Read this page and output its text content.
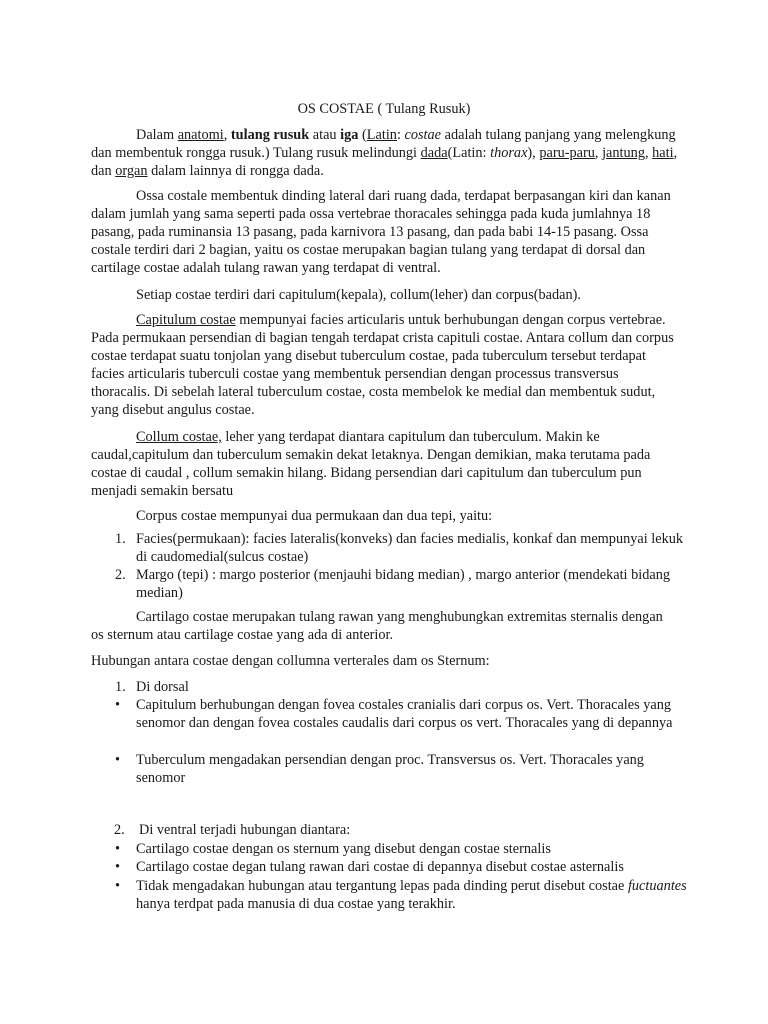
OS COSTAE ( Tulang Rusuk)
Dalam anatomi, tulang rusuk atau iga (Latin: costae adalah tulang panjang yang melengkung dan membentuk rongga rusuk.) Tulang rusuk melindungi dada(Latin: thorax), paru-paru, jantung, hati, dan organ dalam lainnya di rongga dada.
Ossa costale membentuk dinding lateral dari ruang dada, terdapat berpasangan kiri dan kanan dalam jumlah yang sama seperti pada ossa vertebrae thoracales sehingga pada kuda jumlahnya 18 pasang, pada ruminansia 13 pasang, pada karnivora 13 pasang, dan pada babi 14-15 pasang. Ossa costale terdiri dari 2 bagian, yaitu os costae merupakan bagian tulang yang terdapat di dorsal dan cartilage costae adalah tulang rawan yang terdapat di ventral.
Setiap costae terdiri dari capitulum(kepala), collum(leher) dan corpus(badan).
Capitulum costae mempunyai facies articularis untuk berhubungan dengan corpus vertebrae. Pada permukaan persendian di bagian tengah terdapat crista capituli costae. Antara collum dan corpus costae terdapat suatu tonjolan yang disebut tuberculum costae, pada tuberculum tersebut terdapat facies articularis tuberculi costae yang membentuk persendian dengan processus transversus thoracalis. Di sebelah lateral tuberculum costae, costa membelok ke medial dan membentuk sudut, yang disebut angulus costae.
Collum costae, leher yang terdapat diantara capitulum dan tuberculum. Makin ke caudal,capitulum dan tuberculum semakin dekat letaknya. Dengan demikian, maka terutama pada costae di caudal , collum semakin hilang. Bidang persendian dari capitulum dan tuberculum pun menjadi semakin bersatu
Corpus costae mempunyai dua permukaan dan dua tepi, yaitu:
1. Facies(permukaan): facies lateralis(konveks) dan facies medialis, konkaf dan mempunyai lekuk di caudomedial(sulcus costae)
2. Margo (tepi) : margo posterior (menjauhi bidang median) , margo anterior (mendekati bidang median)
Cartilago costae merupakan tulang rawan yang menghubungkan extremitas sternalis dengan os sternum atau cartilage costae yang ada di anterior.
Hubungan antara costae dengan collumna verterales dam os Sternum:
1. Di dorsal
• Capitulum berhubungan dengan fovea costales cranialis dari corpus os. Vert. Thoracales yang senomor dan dengan fovea costales caudalis dari corpus os vert. Thoracales yang di depannya
• Tuberculum mengadakan persendian dengan proc. Transversus os. Vert. Thoracales yang senomor
2. Di ventral terjadi hubungan diantara:
• Cartilago costae dengan os sternum yang disebut dengan costae sternalis
• Cartilago costae degan tulang rawan dari costae di depannya disebut costae asternalis
• Tidak mengadakan hubungan atau tergantung lepas pada dinding perut disebut costae fuctuantes hanya terdpat pada manusia di dua costae yang terakhir.
